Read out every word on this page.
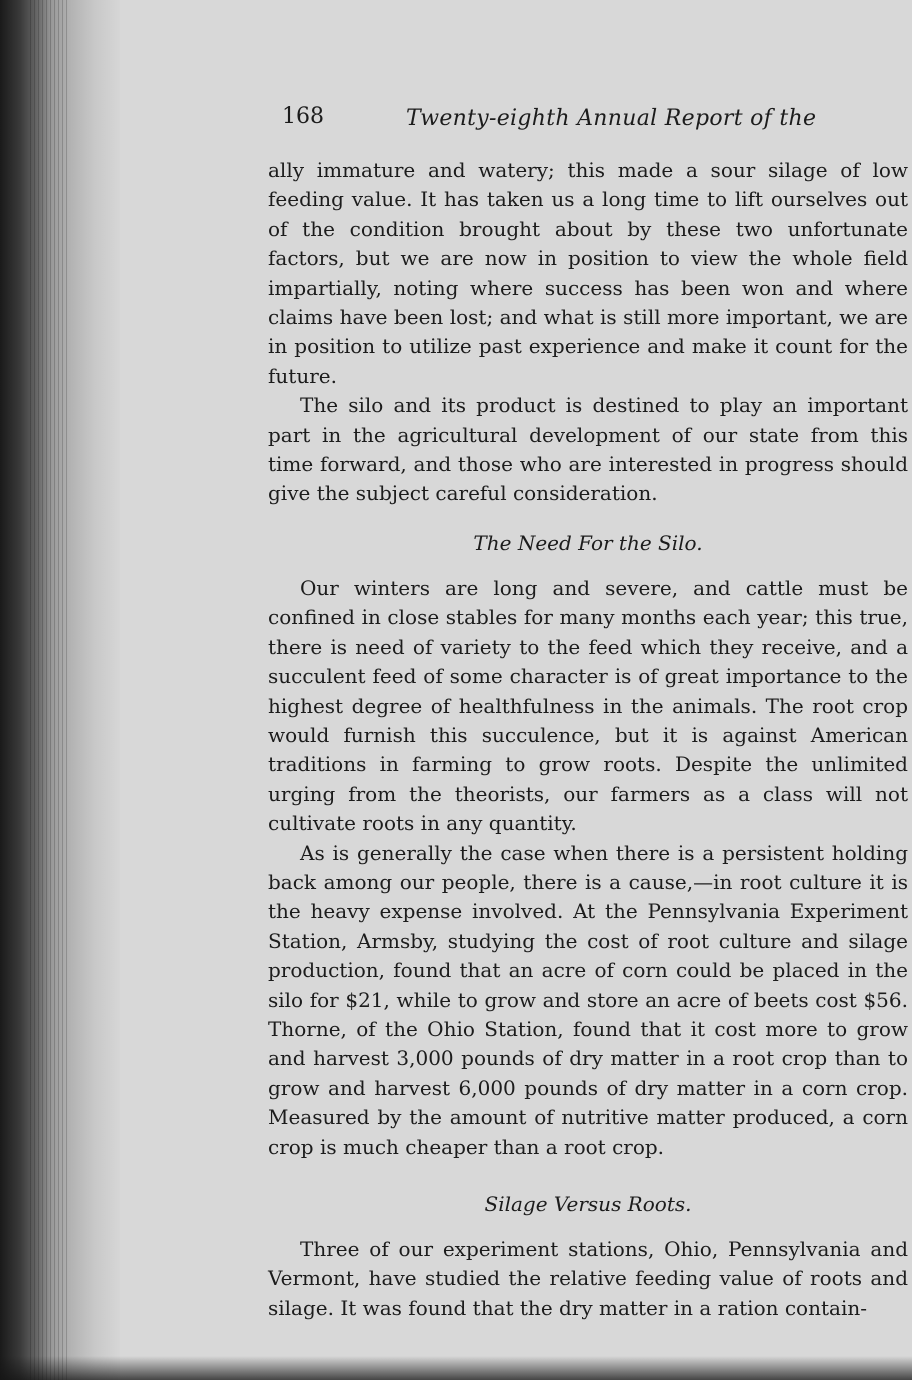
168	Twenty-eighth Annual Report of the

ally immature and watery; this made a sour silage of low feeding value. It has taken us a long time to lift ourselves out of the condition brought about by these two unfortunate factors, but we are now in position to view the whole field impartially, noting where success has been won and where claims have been lost; and what is still more important, we are in position to utilize past experience and make it count for the future.

The silo and its product is destined to play an important part in the agricultural development of our state from this time forward, and those who are interested in progress should give the subject careful consideration.

The Need For the Silo.

Our winters are long and severe, and cattle must be confined in close stables for many months each year; this true, there is need of variety to the feed which they receive, and a succulent feed of some character is of great importance to the highest degree of healthfulness in the animals. The root crop would furnish this succulence, but it is against American traditions in farming to grow roots. Despite the unlimited urging from the theorists, our farmers as a class will not cultivate roots in any quantity.

As is generally the case when there is a persistent holding back among our people, there is a cause,—in root culture it is the heavy expense involved. At the Pennsylvania Experiment Station, Armsby, studying the cost of root culture and silage production, found that an acre of corn could be placed in the silo for $21, while to grow and store an acre of beets cost $56. Thorne, of the Ohio Station, found that it cost more to grow and harvest 3,000 pounds of dry matter in a root crop than to grow and harvest 6,000 pounds of dry matter in a corn crop. Measured by the amount of nutritive matter produced, a corn crop is much cheaper than a root crop.

Silage Versus Roots.

Three of our experiment stations, Ohio, Pennsylvania and Vermont, have studied the relative feeding value of roots and silage. It was found that the dry matter in a ration contain-
